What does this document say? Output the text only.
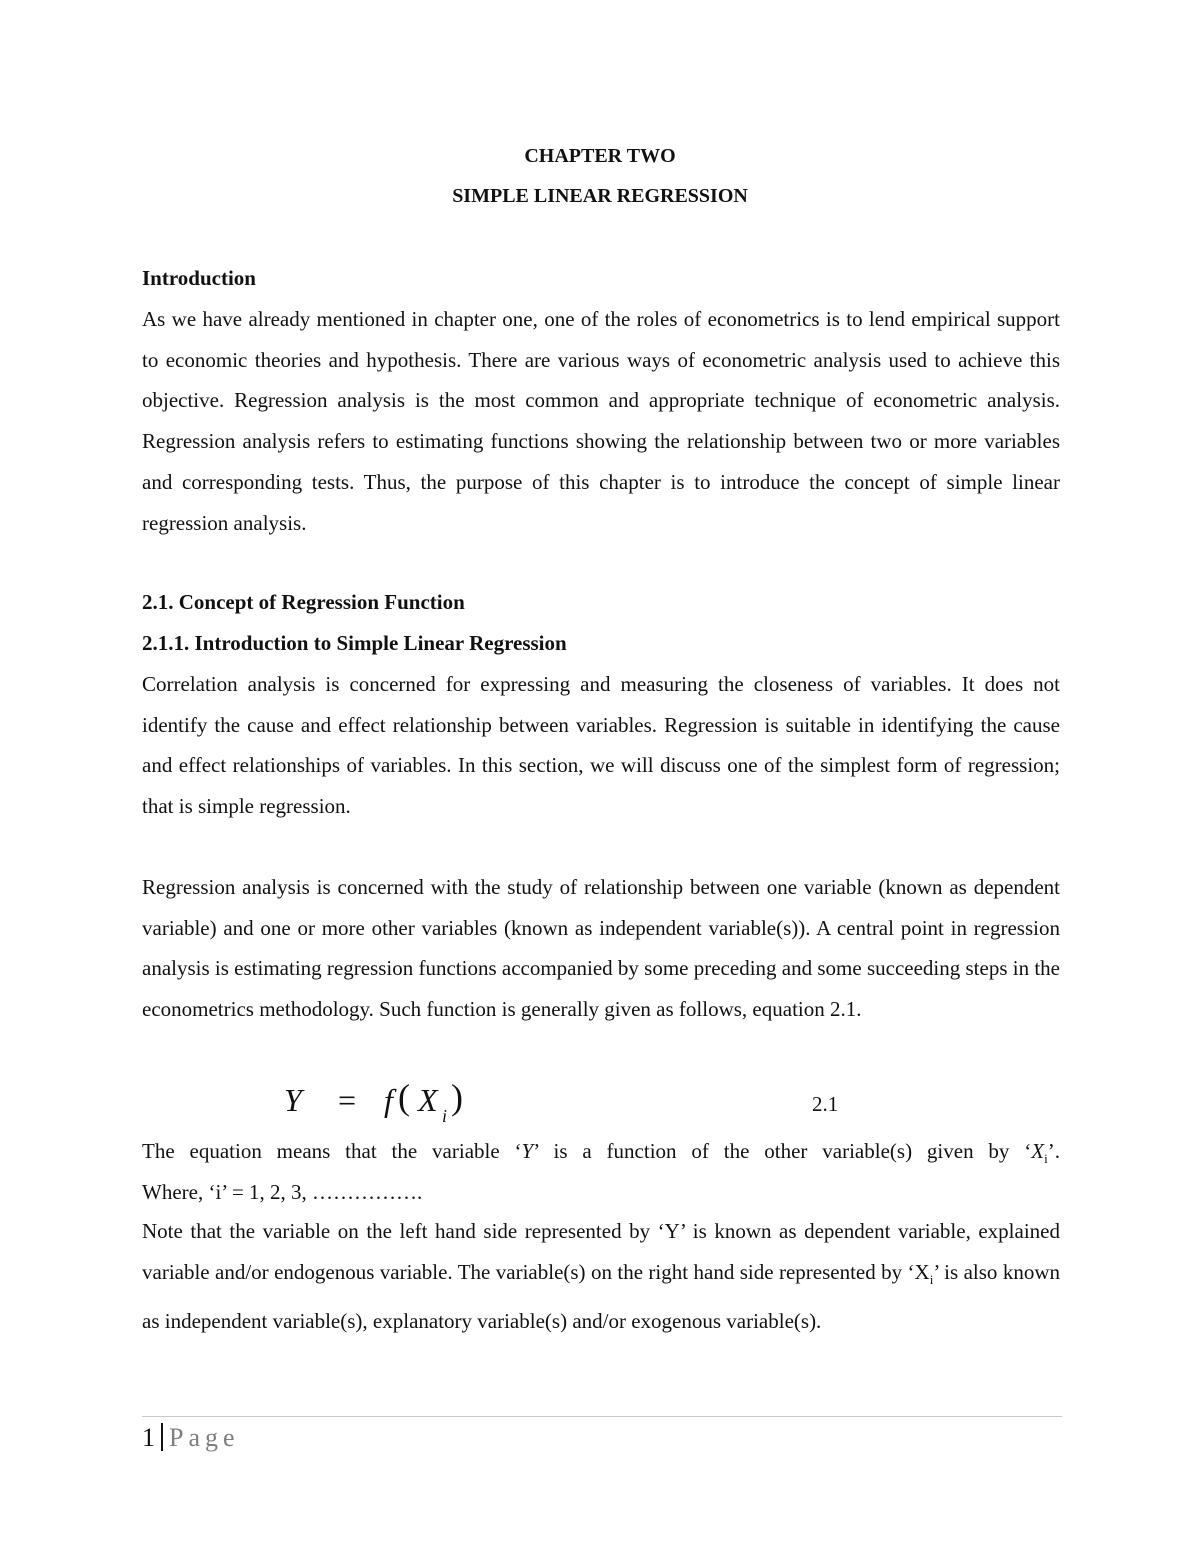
CHAPTER TWO
SIMPLE LINEAR REGRESSION
Introduction

As we have already mentioned in chapter one, one of the roles of econometrics is to lend empirical support to economic theories and hypothesis. There are various ways of econometric analysis used to achieve this objective. Regression analysis is the most common and appropriate technique of econometric analysis. Regression analysis refers to estimating functions showing the relationship between two or more variables and corresponding tests. Thus, the purpose of this chapter is to introduce the concept of simple linear regression analysis.

2.1. Concept of Regression Function
2.1.1. Introduction to Simple Linear Regression

Correlation analysis is concerned for expressing and measuring the closeness of variables. It does not identify the cause and effect relationship between variables. Regression is suitable in identifying the cause and effect relationships of variables. In this section, we will discuss one of the simplest form of regression; that is simple regression.

Regression analysis is concerned with the study of relationship between one variable (known as dependent variable) and one or more other variables (known as independent variable(s)). A central point in regression analysis is estimating regression functions accompanied by some preceding and some succeeding steps in the econometrics methodology. Such function is generally given as follows, equation 2.1.

Y = f ( X i )	2.1

The equation means that the variable ‘Y’ is a function of the other variable(s) given by ‘$X_i$’.

Where, ‘i’ = 1, 2, 3, …………….

Note that the variable on the left hand side represented by ‘Y’ is known as dependent variable, explained variable and/or endogenous variable. The variable(s) on the right hand side represented by ‘$X_i$’ is also known as independent variable(s), explanatory variable(s) and/or exogenous variable(s).

1 Page
